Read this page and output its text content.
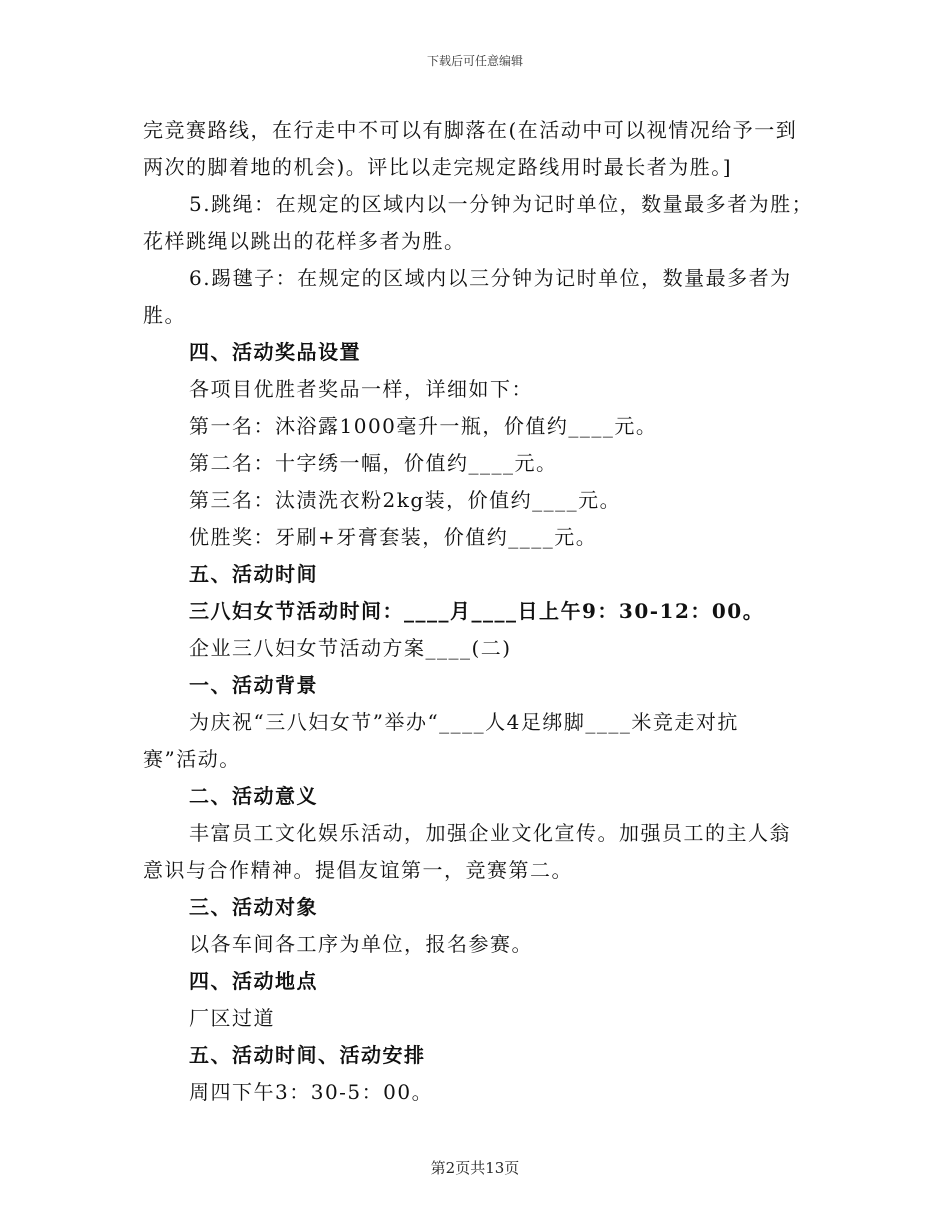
下载后可任意编辑
完竞赛路线，在行走中不可以有脚落在(在活动中可以视情况给予一到
两次的脚着地的机会)。评比以走完规定路线用时最长者为胜。]
5.跳绳：在规定的区域内以一分钟为记时单位，数量最多者为胜；
花样跳绳以跳出的花样多者为胜。
6.踢毽子：在规定的区域内以三分钟为记时单位，数量最多者为
胜。
四、活动奖品设置
各项目优胜者奖品一样，详细如下：
第一名：沐浴露1000毫升一瓶，价值约____元。
第二名：十字绣一幅，价值约____元。
第三名：汰渍洗衣粉2kg装，价值约____元。
优胜奖：牙刷+牙膏套装，价值约____元。
五、活动时间
三八妇女节活动时间：____月____日上午9：30-12：00。
企业三八妇女节活动方案____(二)
一、活动背景
为庆祝“三八妇女节”举办“____人4足绑脚____米竞走对抗
赛”活动。
二、活动意义
丰富员工文化娱乐活动，加强企业文化宣传。加强员工的主人翁
意识与合作精神。提倡友谊第一，竞赛第二。
三、活动对象
以各车间各工序为单位，报名参赛。
四、活动地点
厂区过道
五、活动时间、活动安排
周四下午3：30-5：00。
第2页共13页
